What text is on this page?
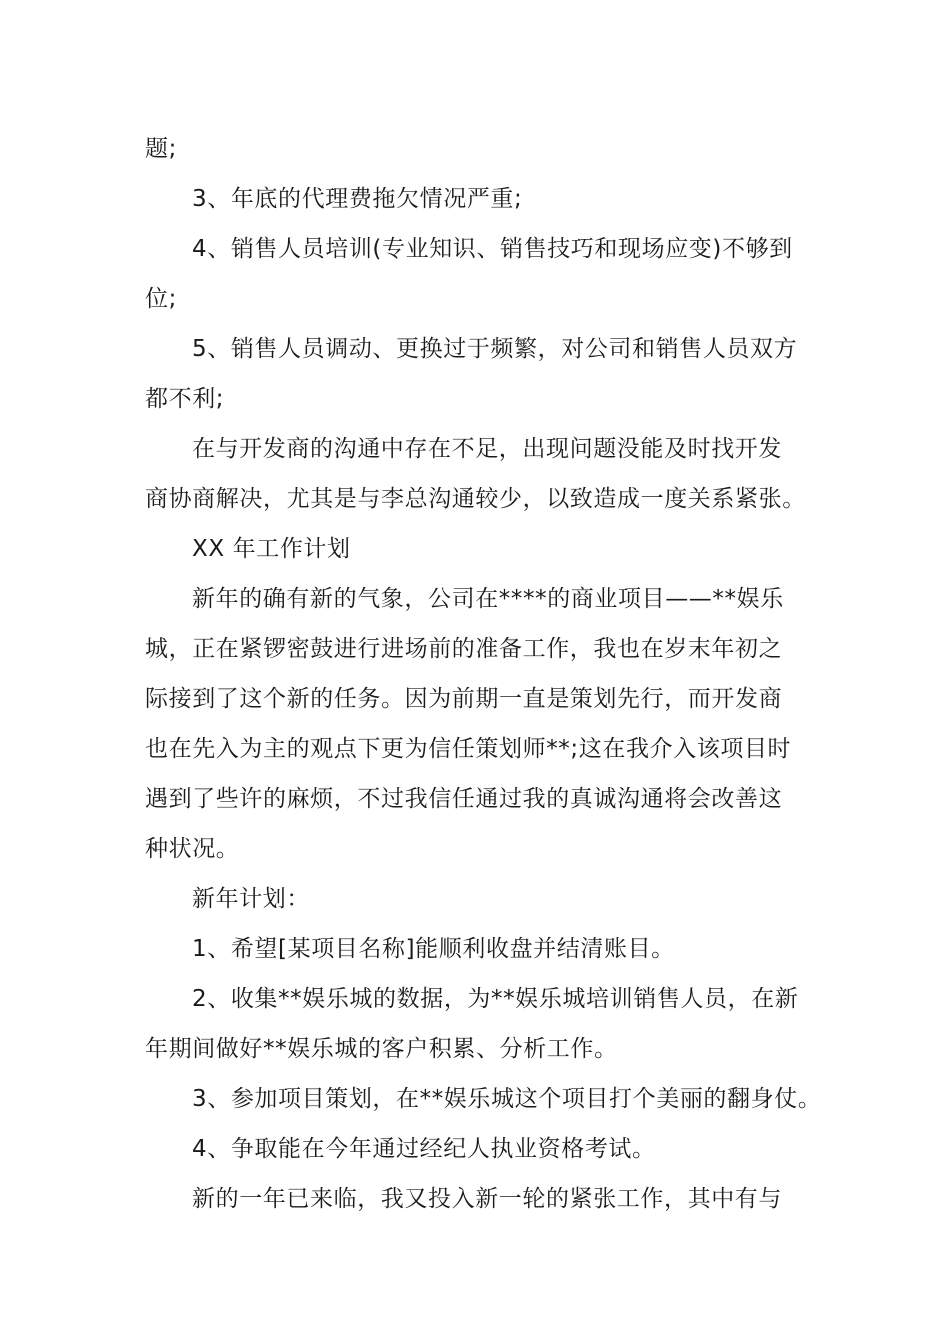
题;
3、年底的代理费拖欠情况严重;
4、销售人员培训(专业知识、销售技巧和现场应变)不够到
位;
5、销售人员调动、更换过于频繁，对公司和销售人员双方
都不利;
在与开发商的沟通中存在不足，出现问题没能及时找开发
商协商解决，尤其是与李总沟通较少，以致造成一度关系紧张。
XX 年工作计划
新年的确有新的气象，公司在****的商业项目——**娱乐
城，正在紧锣密鼓进行进场前的准备工作，我也在岁末年初之
际接到了这个新的任务。因为前期一直是策划先行，而开发商
也在先入为主的观点下更为信任策划师**;这在我介入该项目时
遇到了些许的麻烦，不过我信任通过我的真诚沟通将会改善这
种状况。
新年计划：
1、希望[某项目名称]能顺利收盘并结清账目。
2、收集**娱乐城的数据，为**娱乐城培训销售人员，在新
年期间做好**娱乐城的客户积累、分析工作。
3、参加项目策划，在**娱乐城这个项目打个美丽的翻身仗。
4、争取能在今年通过经纪人执业资格考试。
新的一年已来临，我又投入新一轮的紧张工作，其中有与
